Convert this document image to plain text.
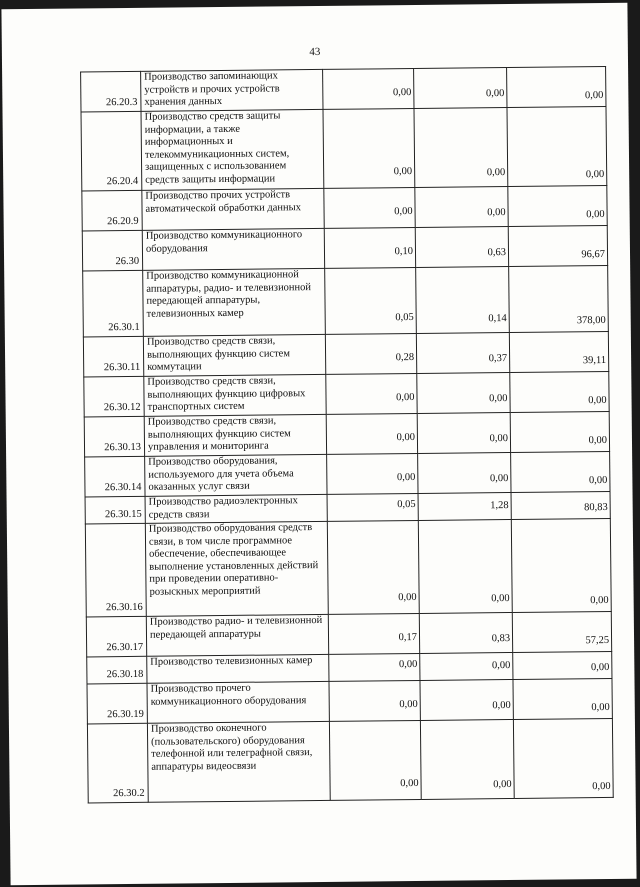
43
26.20.3	Производство запоминающих устройств и прочих устройств хранения данных	0,00	0,00	0,00
26.20.4	Производство средств защиты информации, а также информационных и телекоммуникационных систем, защищенных с использованием средств защиты информации	0,00	0,00	0,00
26.20.9	Производство прочих устройств автоматической обработки данных	0,00	0,00	0,00
26.30	Производство коммуникационного оборудования	0,10	0,63	96,67
26.30.1	Производство коммуникационной аппаратуры, радио- и телевизионной передающей аппаратуры, телевизионных камер	0,05	0,14	378,00
26.30.11	Производство средств связи, выполняющих функцию систем коммутации	0,28	0,37	39,11
26.30.12	Производство средств связи, выполняющих функцию цифровых транспортных систем	0,00	0,00	0,00
26.30.13	Производство средств связи, выполняющих функцию систем управления и мониторинга	0,00	0,00	0,00
26.30.14	Производство оборудования, используемого для учета объема оказанных услуг связи	0,00	0,00	0,00
26.30.15	Производство радиоэлектронных средств связи	0,05	1,28	80,83
26.30.16	Производство оборудования средств связи, в том числе программное обеспечение, обеспечивающее выполнение установленных действий при проведении оперативно-розыскных мероприятий	0,00	0,00	0,00
26.30.17	Производство радио- и телевизионной передающей аппаратуры	0,17	0,83	57,25
26.30.18	Производство телевизионных камер	0,00	0,00	0,00
26.30.19	Производство прочего коммуникационного оборудования	0,00	0,00	0,00
26.30.2	Производство оконечного (пользовательского) оборудования телефонной или телеграфной связи, аппаратуры видеосвязи	0,00	0,00	0,00
